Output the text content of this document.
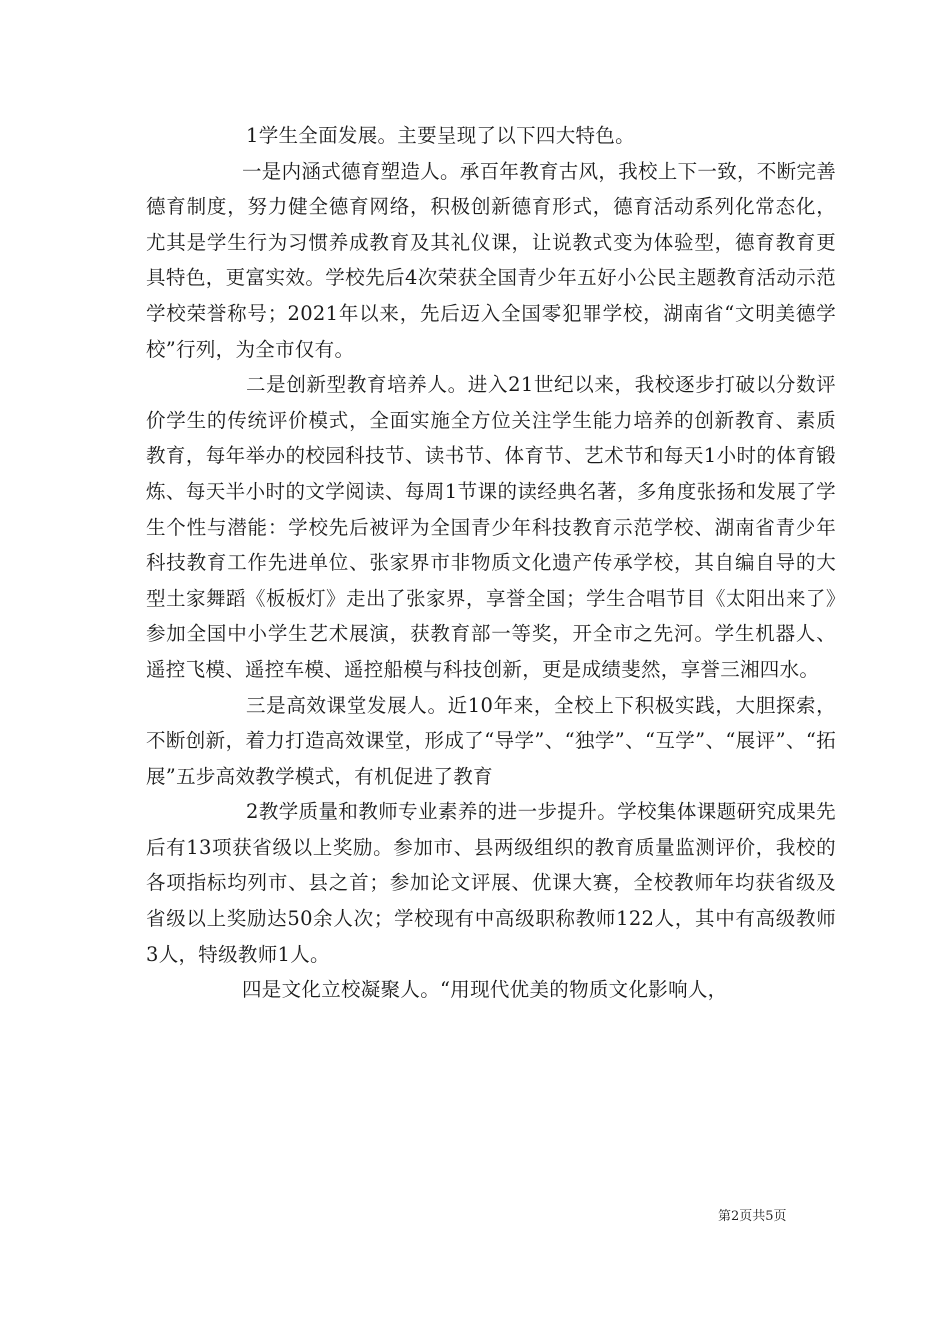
1学生全面发展。主要呈现了以下四大特色。

一是内涵式德育塑造人。承百年教育古风，我校上下一致，不断完善德育制度，努力健全德育网络，积极创新德育形式，德育活动系列化常态化，尤其是学生行为习惯养成教育及其礼仪课，让说教式变为体验型，德育教育更具特色，更富实效。学校先后4次荣获全国青少年五好小公民主题教育活动示范学校荣誉称号；2021年以来，先后迈入全国零犯罪学校，湖南省“文明美德学校”行列，为全市仅有。

二是创新型教育培养人。进入21世纪以来，我校逐步打破以分数评价学生的传统评价模式，全面实施全方位关注学生能力培养的创新教育、素质教育，每年举办的校园科技节、读书节、体育节、艺术节和每天1小时的体育锻炼、每天半小时的文学阅读、每周1节课的读经典名著，多角度张扬和发展了学生个性与潜能：学校先后被评为全国青少年科技教育示范学校、湖南省青少年科技教育工作先进单位、张家界市非物质文化遗产传承学校，其自编自导的大型土家舞蹈《板板灯》走出了张家界，享誉全国；学生合唱节目《太阳出来了》参加全国中小学生艺术展演，获教育部一等奖，开全市之先河。学生机器人、遥控飞模、遥控车模、遥控船模与科技创新，更是成绩斐然，享誉三湘四水。

三是高效课堂发展人。近10年来，全校上下积极实践，大胆探索，不断创新，着力打造高效课堂，形成了“导学”、“独学”、“互学”、“展评”、“拓展”五步高效教学模式，有机促进了教育

2教学质量和教师专业素养的进一步提升。学校集体课题研究成果先后有13项获省级以上奖励。参加市、县两级组织的教育质量监测评价，我校的各项指标均列市、县之首；参加论文评展、优课大赛，全校教师年均获省级及省级以上奖励达50余人次；学校现有中高级职称教师122人，其中有高级教师3人，特级教师1人。

四是文化立校凝聚人。“用现代优美的物质文化影响人，

第2页共5页
